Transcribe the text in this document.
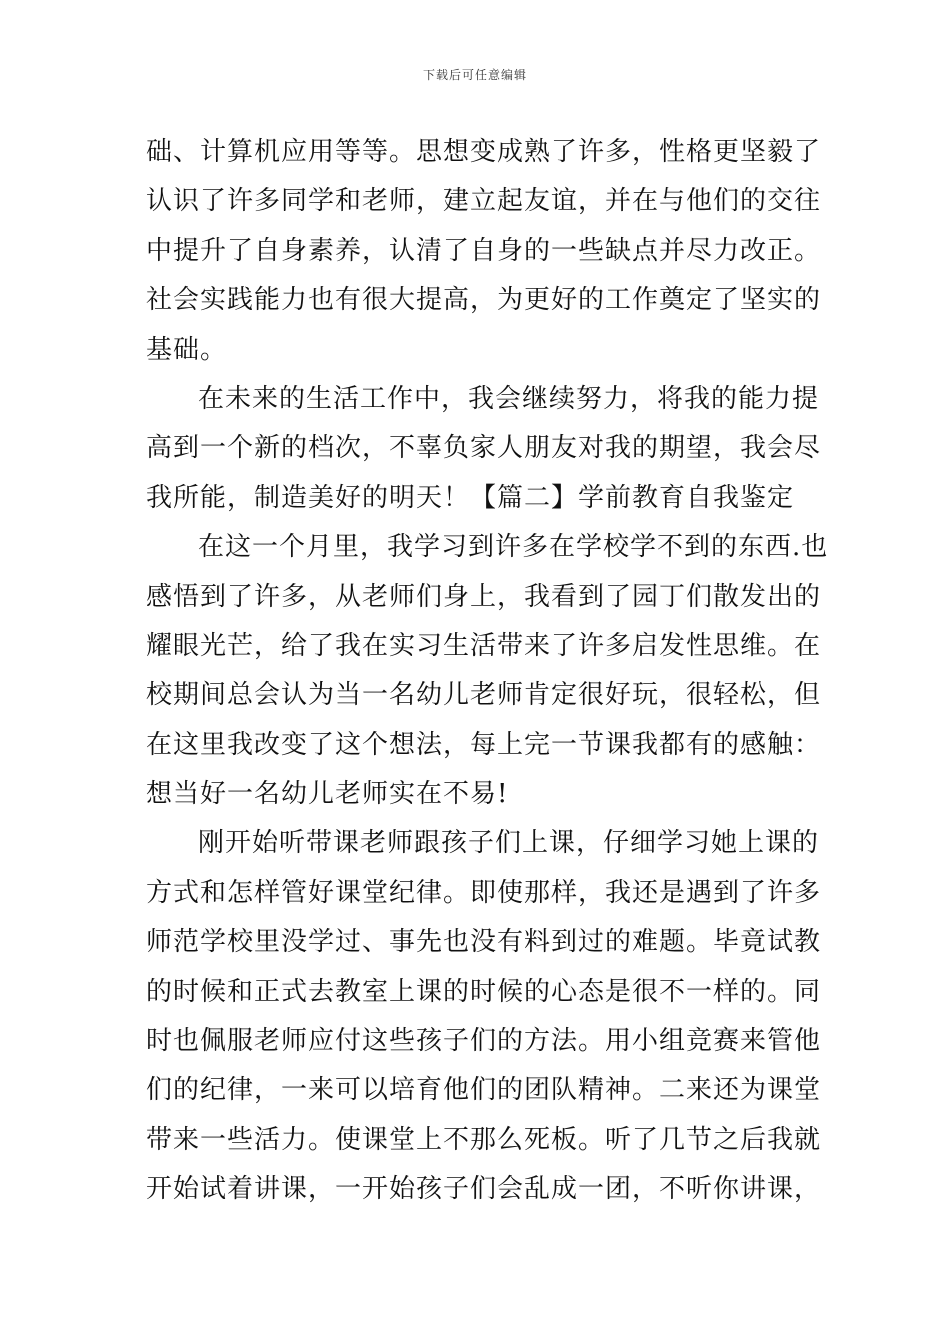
下载后可任意编辑
础、计算机应用等等。思想变成熟了许多，性格更坚毅了
认识了许多同学和老师，建立起友谊，并在与他们的交往
中提升了自身素养，认清了自身的一些缺点并尽力改正。
社会实践能力也有很大提高，为更好的工作奠定了坚实的
基础。
在未来的生活工作中，我会继续努力，将我的能力提
高到一个新的档次，不辜负家人朋友对我的期望，我会尽
我所能，制造美好的明天！【篇二】学前教育自我鉴定
在这一个月里，我学习到许多在学校学不到的东西.也
感悟到了许多，从老师们身上，我看到了园丁们散发出的
耀眼光芒，给了我在实习生活带来了许多启发性思维。在
校期间总会认为当一名幼儿老师肯定很好玩，很轻松，但
在这里我改变了这个想法，每上完一节课我都有的感触：
想当好一名幼儿老师实在不易!
刚开始听带课老师跟孩子们上课，仔细学习她上课的
方式和怎样管好课堂纪律。即使那样，我还是遇到了许多
师范学校里没学过、事先也没有料到过的难题。毕竟试教
的时候和正式去教室上课的时候的心态是很不一样的。同
时也佩服老师应付这些孩子们的方法。用小组竞赛来管他
们的纪律，一来可以培育他们的团队精神。二来还为课堂
带来一些活力。使课堂上不那么死板。听了几节之后我就
开始试着讲课，一开始孩子们会乱成一团，不听你讲课，
